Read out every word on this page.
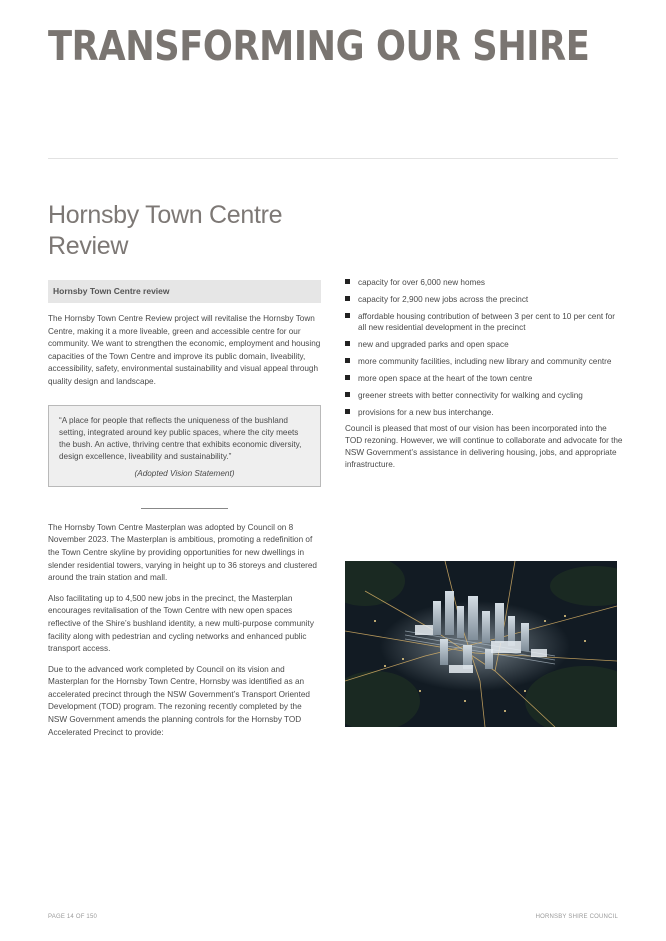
TRANSFORMING OUR SHIRE
Hornsby Town Centre Review
Hornsby Town Centre review

The Hornsby Town Centre Review project will revitalise the Hornsby Town Centre, making it a more liveable, green and accessible centre for our community. We want to strengthen the economic, employment and housing capacities of the Town Centre and improve its public domain, liveability, accessibility, safety, environmental sustainability and visual appeal through quality design and landscape.

“A place for people that reflects the uniqueness of the bushland setting, integrated around key public spaces, where the city meets the bush. An active, thriving centre that exhibits economic diversity, design excellence, liveability and sustainability.”
(Adopted Vision Statement)

The Hornsby Town Centre Masterplan was adopted by Council on 8 November 2023. The Masterplan is ambitious, promoting a redefinition of the Town Centre skyline by providing opportunities for new dwellings in slender residential towers, varying in height up to 36 storeys and clustered around the train station and mall.

Also facilitating up to 4,500 new jobs in the precinct, the Masterplan encourages revitalisation of the Town Centre with new open spaces reflective of the Shire’s bushland identity, a new multi-purpose community facility along with pedestrian and cycling networks and enhanced public transport access.

Due to the advanced work completed by Council on its vision and Masterplan for the Hornsby Town Centre, Hornsby was identified as an accelerated precinct through the NSW Government’s Transport Oriented Development (TOD) program. The rezoning recently completed by the NSW Government amends the planning controls for the Hornsby TOD Accelerated Precinct to provide:

capacity for over 6,000 new homes
capacity for 2,900 new jobs across the precinct
affordable housing contribution of between 3 per cent to 10 per cent for all new residential development in the precinct
new and upgraded parks and open space
more community facilities, including new library and community centre
more open space at the heart of the town centre
greener streets with better connectivity for walking and cycling
provisions for a new bus interchange.

Council is pleased that most of our vision has been incorporated into the TOD rezoning. However, we will continue to collaborate and advocate for the NSW Government’s assistance in delivering housing, jobs, and appropriate infrastructure.

PAGE 14 OF 150	HORNSBY SHIRE COUNCIL
